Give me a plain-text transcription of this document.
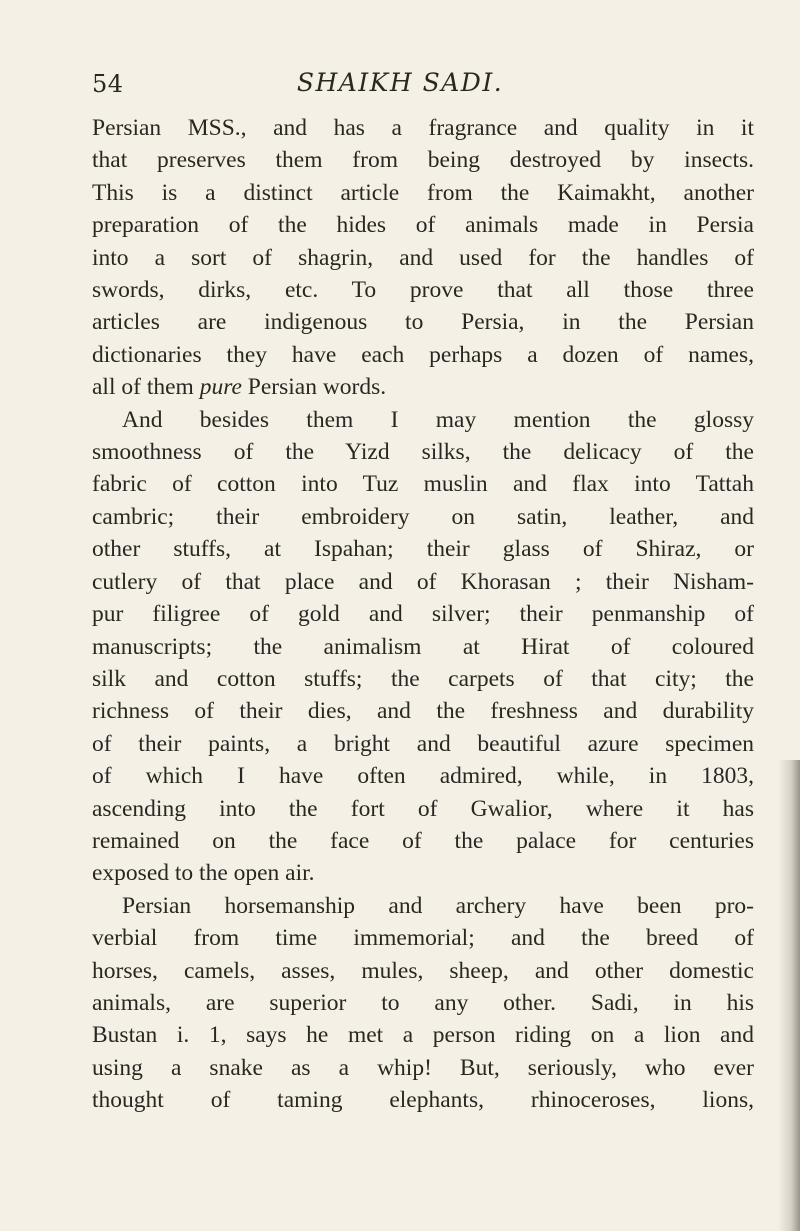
54	SHAIKH SADI.
Persian MSS., and has a fragrance and quality in it
that preserves them from being destroyed by insects.
This is a distinct article from the Kaimakht, another
preparation of the hides of animals made in Persia
into a sort of shagrin, and used for the handles of
swords, dirks, etc. To prove that all those three
articles are indigenous to Persia, in the Persian
dictionaries they have each perhaps a dozen of names,
all of them pure Persian words.
And besides them I may mention the glossy
smoothness of the Yizd silks, the delicacy of the
fabric of cotton into Tuz muslin and flax into Tattah
cambric; their embroidery on satin, leather, and
other stuffs, at Ispahan; their glass of Shiraz, or
cutlery of that place and of Khorasan ; their Nisham-
pur filigree of gold and silver; their penmanship of
manuscripts; the animalism at Hirat of coloured
silk and cotton stuffs; the carpets of that city; the
richness of their dies, and the freshness and durability
of their paints, a bright and beautiful azure specimen
of which I have often admired, while, in 1803,
ascending into the fort of Gwalior, where it has
remained on the face of the palace for centuries
exposed to the open air.
Persian horsemanship and archery have been pro-
verbial from time immemorial; and the breed of
horses, camels, asses, mules, sheep, and other domestic
animals, are superior to any other. Sadi, in his
Bustan i. 1, says he met a person riding on a lion and
using a snake as a whip! But, seriously, who ever
thought of taming elephants, rhinoceroses, lions,
